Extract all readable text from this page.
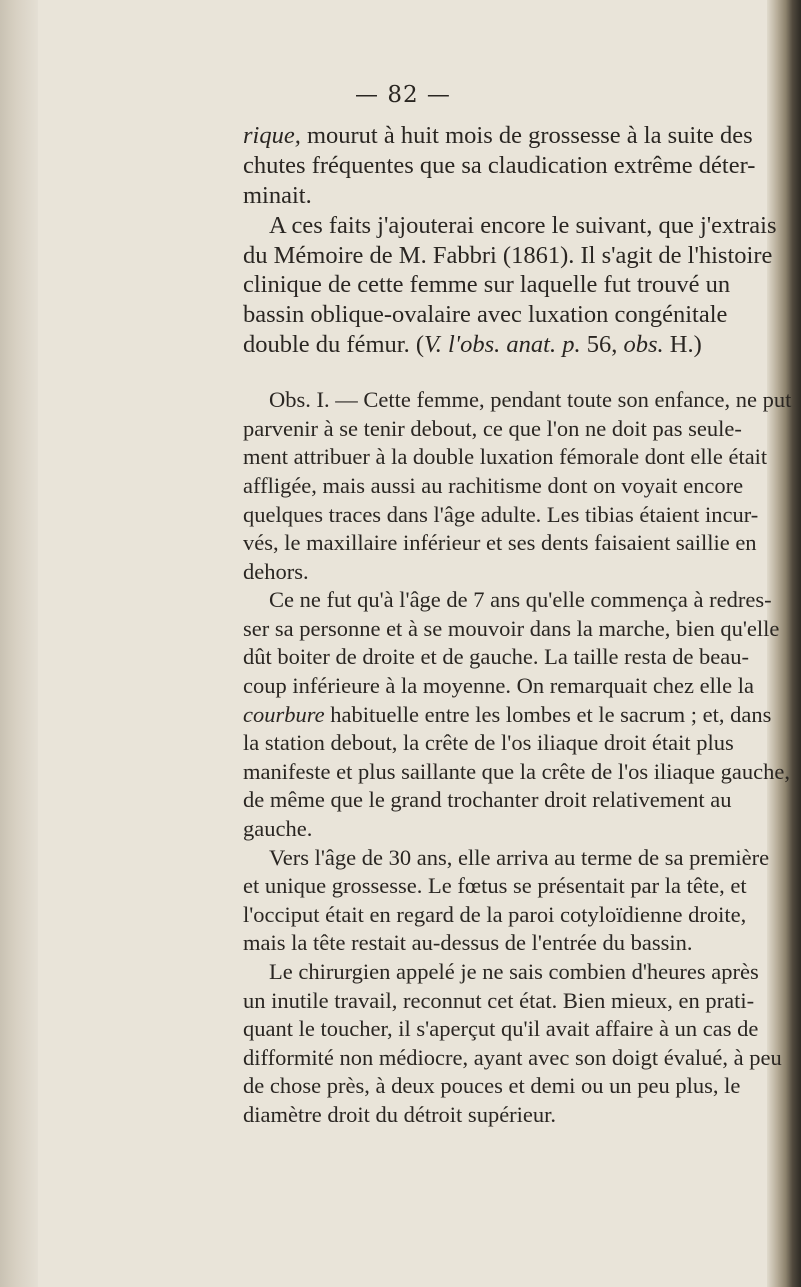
— 82 —
rique, mourut à huit mois de grossesse à la suite des
chutes fréquentes que sa claudication extrême déter-
minait.
A ces faits j'ajouterai encore le suivant, que j'extrais
du Mémoire de M. Fabbri (1861). Il s'agit de l'histoire
clinique de cette femme sur laquelle fut trouvé un
bassin oblique-ovalaire avec luxation congénitale
double du fémur. (V. l'obs. anat. p. 56, obs. H.)
Obs. I. — Cette femme, pendant toute son enfance, ne put
parvenir à se tenir debout, ce que l'on ne doit pas seule-
ment attribuer à la double luxation fémorale dont elle était
affligée, mais aussi au rachitisme dont on voyait encore
quelques traces dans l'âge adulte. Les tibias étaient incur-
vés, le maxillaire inférieur et ses dents faisaient saillie en
dehors.
Ce ne fut qu'à l'âge de 7 ans qu'elle commença à redres-
ser sa personne et à se mouvoir dans la marche, bien qu'elle
dût boiter de droite et de gauche. La taille resta de beau-
coup inférieure à la moyenne. On remarquait chez elle la
courbure habituelle entre les lombes et le sacrum ; et, dans
la station debout, la crête de l'os iliaque droit était plus
manifeste et plus saillante que la crête de l'os iliaque gauche,
de même que le grand trochanter droit relativement au
gauche.
Vers l'âge de 30 ans, elle arriva au terme de sa première
et unique grossesse. Le fœtus se présentait par la tête, et
l'occiput était en regard de la paroi cotyloïdienne droite,
mais la tête restait au-dessus de l'entrée du bassin.
Le chirurgien appelé je ne sais combien d'heures après
un inutile travail, reconnut cet état. Bien mieux, en prati-
quant le toucher, il s'aperçut qu'il avait affaire à un cas de
difformité non médiocre, ayant avec son doigt évalué, à peu
de chose près, à deux pouces et demi ou un peu plus, le
diamètre droit du détroit supérieur.
